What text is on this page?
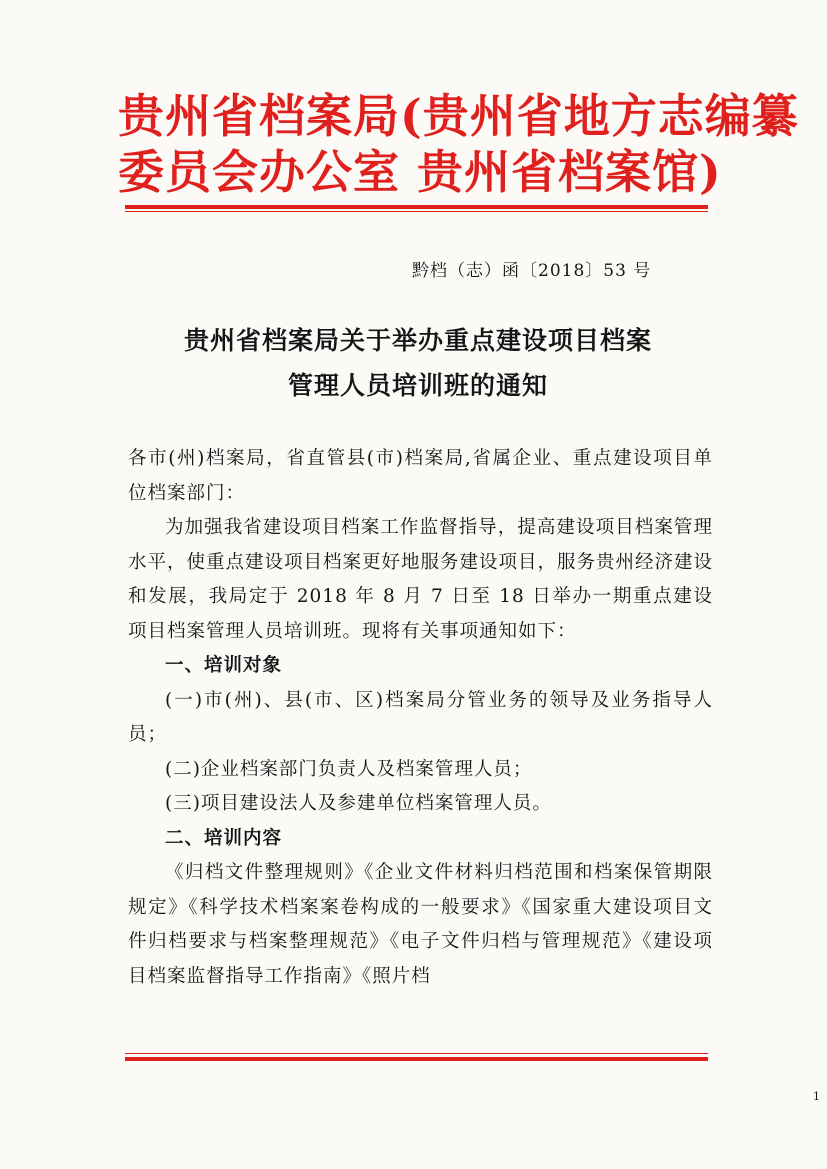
贵州省档案局(贵州省地方志编纂
委员会办公室 贵州省档案馆)
黔档（志）函〔2018〕53 号
贵州省档案局关于举办重点建设项目档案
管理人员培训班的通知

各市(州)档案局，省直管县(市)档案局,省属企业、重点建设项目单位档案部门：

为加强我省建设项目档案工作监督指导，提高建设项目档案管理水平，使重点建设项目档案更好地服务建设项目，服务贵州经济建设和发展，我局定于 2018 年 8 月 7 日至 18 日举办一期重点建设项目档案管理人员培训班。现将有关事项通知如下：

一、培训对象

(一)市(州)、县(市、区)档案局分管业务的领导及业务指导人员；

(二)企业档案部门负责人及档案管理人员；

(三)项目建设法人及参建单位档案管理人员。

二、培训内容

《归档文件整理规则》《企业文件材料归档范围和档案保管期限规定》《科学技术档案案卷构成的一般要求》《国家重大建设项目文件归档要求与档案整理规范》《电子文件归档与管理规范》《建设项目档案监督指导工作指南》《照片档

1
